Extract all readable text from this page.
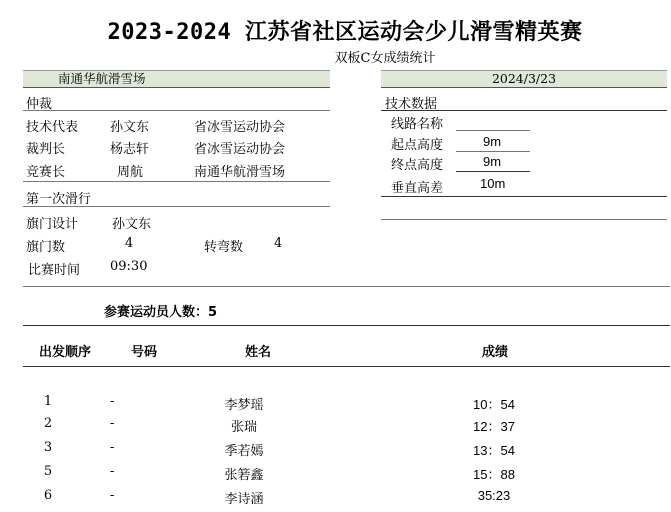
2023-2024 江苏省社区运动会少儿滑雪精英赛
双板C女成绩统计
南通华航滑雪场	2024/3/23
仲裁
技术代表 孙文东	省冰雪运动协会
裁判长	杨志轩	省冰雪运动协会
竞赛长	周航	南通华航滑雪场
第一次滑行
旗门设计	孙文东
旗门数	4	转弯数 4
比赛时间 09:30
技术数据
线路名称
起点高度	9m
终点高度	9m
垂直高差	10m
参赛运动员人数：5
出发顺序	号码	姓名	成绩
1	-	李梦瑶	10：54
2	-	张瑞	12：37
3	-	季若嫣	13：54
5	-	张箬鑫	15：88
6	-	李诗涵	35:23
